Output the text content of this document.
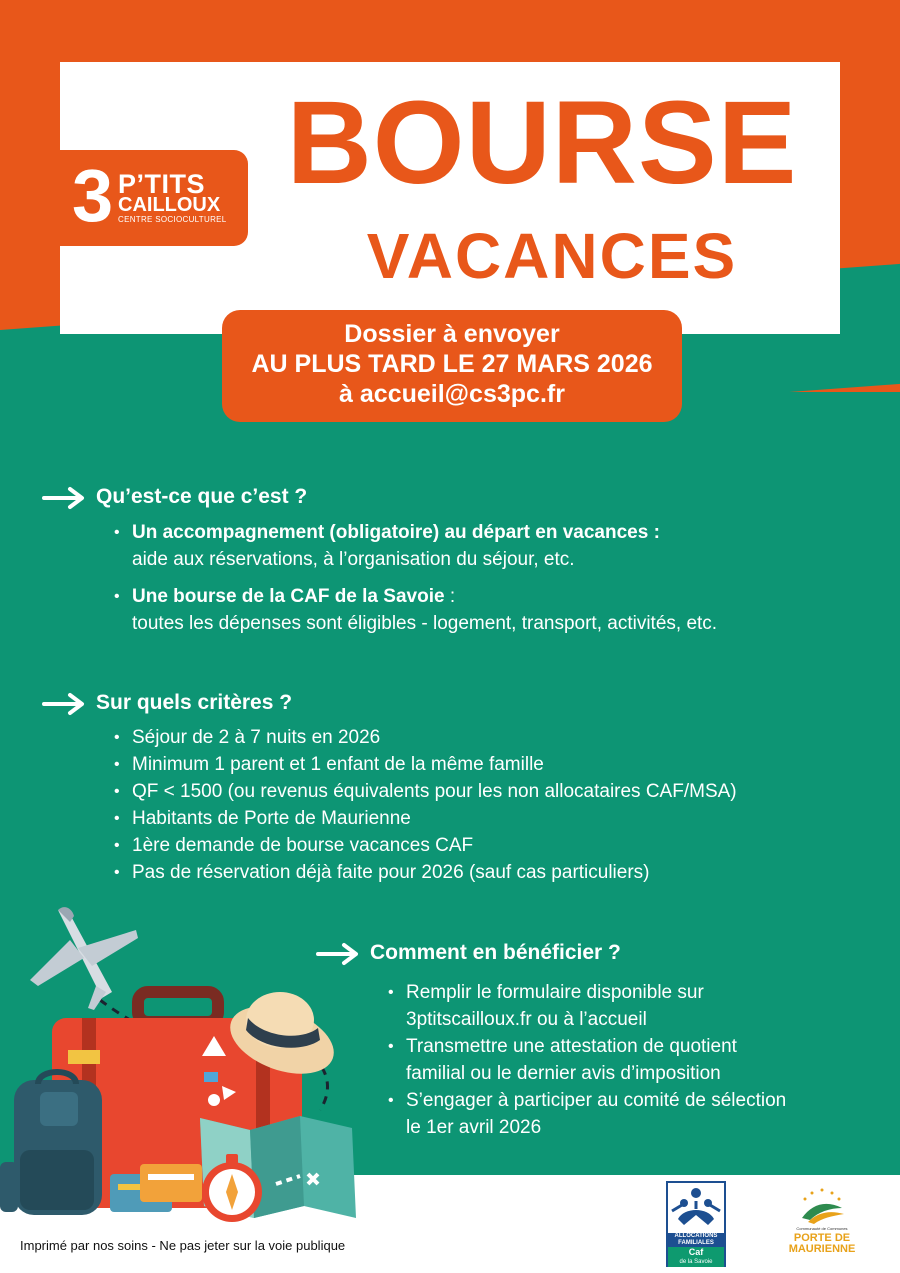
3 P’TITS
CAILLOUX
CENTRE SOCIOCULTUREL
BOURSE
VACANCES
Dossier à envoyer
AU PLUS TARD LE 27 MARS 2026
à accueil@cs3pc.fr
Qu’est-ce que c’est ?
• Un accompagnement (obligatoire) au départ en vacances :
aide aux réservations, à l’organisation du séjour, etc.
• Une bourse de la CAF de la Savoie :
toutes les dépenses sont éligibles - logement, transport, activités, etc.
Sur quels critères ?
• Séjour de 2 à 7 nuits en 2026
• Minimum 1 parent et 1 enfant de la même famille
• QF < 1500 (ou revenus équivalents pour les non allocataires CAF/MSA)
• Habitants de Porte de Maurienne
• 1ère demande de bourse vacances CAF
• Pas de réservation déjà faite pour 2026 (sauf cas particuliers)
Comment en bénéficier ?
• Remplir le formulaire disponible sur
3ptitscailloux.fr ou à l’accueil
• Transmettre une attestation de quotient
familial ou le dernier avis d’imposition
• S’engager à participer au comité de sélection
le 1er avril 2026
Imprimé par nos soins - Ne pas jeter sur la voie publique
ALLOCATIONS FAMILIALES
Caf
de la Savoie
Communauté de Communes
PORTE DE
MAURIENNE
